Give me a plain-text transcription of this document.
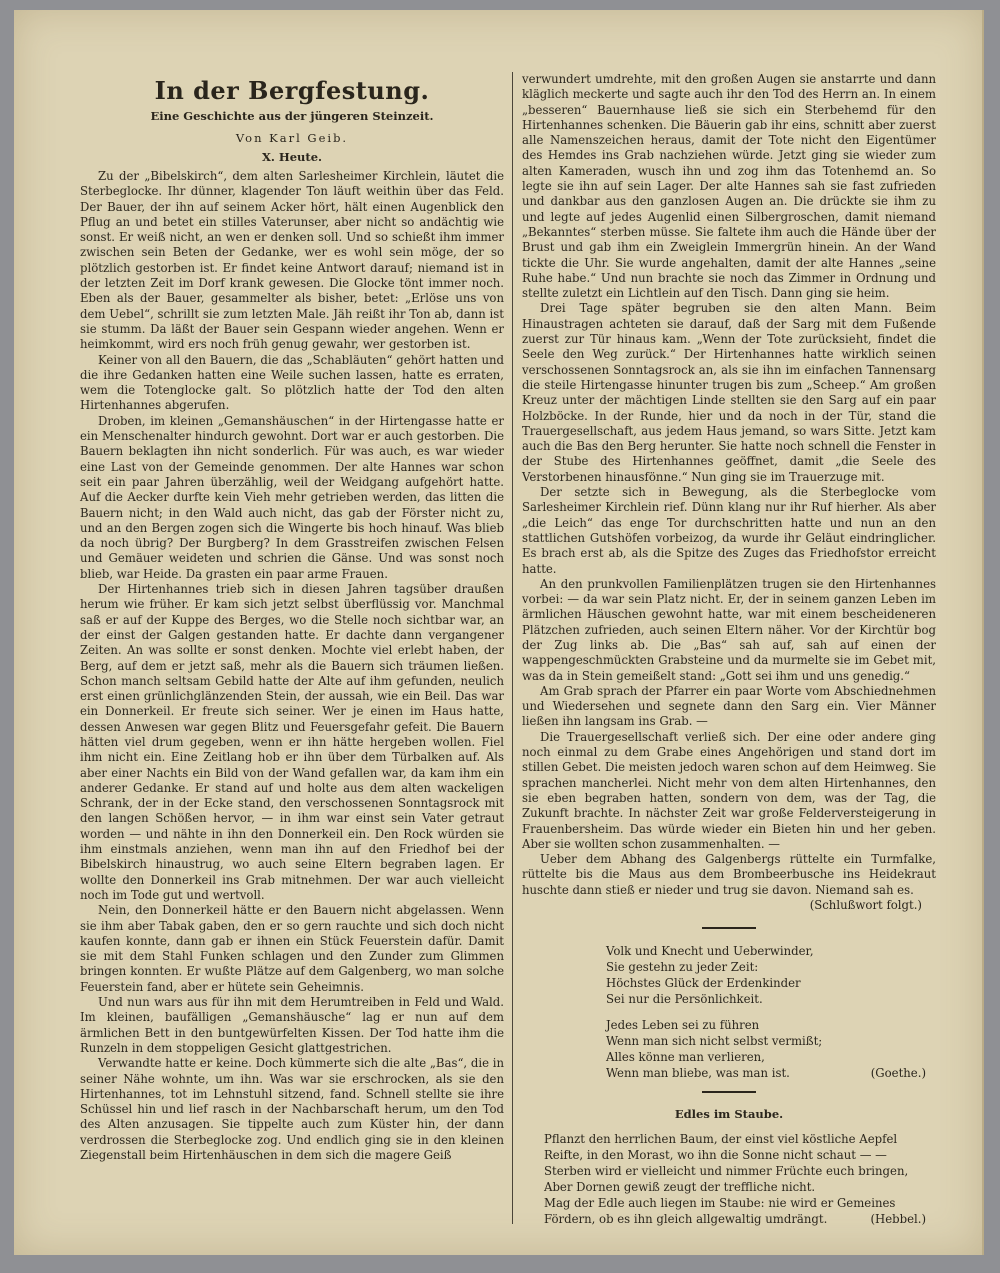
In der Bergfestung.
Eine Geschichte aus der jüngeren Steinzeit.
Von Karl Geib.
X. Heute.

Zu der „Bibelskirch“, dem alten Sarlesheimer Kirchlein, läutet die Sterbeglocke. Ihr dünner, klagender Ton läuft weithin über das Feld. Der Bauer, der ihn auf seinem Acker hört, hält einen Augenblick den Pflug an und betet ein stilles Vaterunser, aber nicht so andächtig wie sonst. Er weiß nicht, an wen er denken soll. Und so schießt ihm immer zwischen sein Beten der Gedanke, wer es wohl sein möge, der so plötzlich gestorben ist. Er findet keine Antwort darauf; niemand ist in der letzten Zeit im Dorf krank gewesen. Die Glocke tönt immer noch. Eben als der Bauer, gesammelter als bisher, betet: „Erlöse uns von dem Uebel“, schrillt sie zum letzten Male. Jäh reißt ihr Ton ab, dann ist sie stumm. Da läßt der Bauer sein Gespann wieder angehen. Wenn er heimkommt, wird ers noch früh genug gewahr, wer gestorben ist.

Keiner von all den Bauern, die das „Schabläuten“ gehört hatten und die ihre Gedanken hatten eine Weile suchen lassen, hatte es erraten, wem die Totenglocke galt. So plötzlich hatte der Tod den alten Hirtenhannes abgerufen.

Droben, im kleinen „Gemanshäuschen“ in der Hirtengasse hatte er ein Menschenalter hindurch gewohnt. Dort war er auch gestorben. Die Bauern beklagten ihn nicht sonderlich. Für was auch, es war wieder eine Last von der Gemeinde genommen. Der alte Hannes war schon seit ein paar Jahren überzählig, weil der Weidgang aufgehört hatte. Auf die Aecker durfte kein Vieh mehr getrieben werden, das litten die Bauern nicht; in den Wald auch nicht, das gab der Förster nicht zu, und an den Bergen zogen sich die Wingerte bis hoch hinauf. Was blieb da noch übrig? Der Burgberg? In dem Grasstreifen zwischen Felsen und Gemäuer weideten und schrien die Gänse. Und was sonst noch blieb, war Heide. Da grasten ein paar arme Frauen.

Der Hirtenhannes trieb sich in diesen Jahren tagsüber draußen herum wie früher. Er kam sich jetzt selbst überflüssig vor. Manchmal saß er auf der Kuppe des Berges, wo die Stelle noch sichtbar war, an der einst der Galgen gestanden hatte. Er dachte dann vergangener Zeiten. An was sollte er sonst denken. Mochte viel erlebt haben, der Berg, auf dem er jetzt saß, mehr als die Bauern sich träumen ließen. Schon manch seltsam Gebild hatte der Alte auf ihm gefunden, neulich erst einen grünlichglänzenden Stein, der aussah, wie ein Beil. Das war ein Donnerkeil. Er freute sich seiner. Wer je einen im Haus hatte, dessen Anwesen war gegen Blitz und Feuersgefahr gefeit. Die Bauern hätten viel drum gegeben, wenn er ihn hätte hergeben wollen. Fiel ihm nicht ein. Eine Zeitlang hob er ihn über dem Türbalken auf. Als aber einer Nachts ein Bild von der Wand gefallen war, da kam ihm ein anderer Gedanke. Er stand auf und holte aus dem alten wackeligen Schrank, der in der Ecke stand, den verschossenen Sonntagsrock mit den langen Schößen hervor, — in ihm war einst sein Vater getraut worden — und nähte in ihn den Donnerkeil ein. Den Rock würden sie ihm einstmals anziehen, wenn man ihn auf den Friedhof bei der Bibelskirch hinaustrug, wo auch seine Eltern begraben lagen. Er wollte den Donnerkeil ins Grab mitnehmen. Der war auch vielleicht noch im Tode gut und wertvoll.

Nein, den Donnerkeil hätte er den Bauern nicht abgelassen. Wenn sie ihm aber Tabak gaben, den er so gern rauchte und sich doch nicht kaufen konnte, dann gab er ihnen ein Stück Feuerstein dafür. Damit sie mit dem Stahl Funken schlagen und den Zunder zum Glimmen bringen konnten. Er wußte Plätze auf dem Galgenberg, wo man solche Feuerstein fand, aber er hütete sein Geheimnis.

Und nun wars aus für ihn mit dem Herumtreiben in Feld und Wald. Im kleinen, baufälligen „Gemanshäusche“ lag er nun auf dem ärmlichen Bett in den buntgewürfelten Kissen. Der Tod hatte ihm die Runzeln in dem stoppeligen Gesicht glattgestrichen.

Verwandte hatte er keine. Doch kümmerte sich die alte „Bas“, die in seiner Nähe wohnte, um ihn. Was war sie erschrocken, als sie den Hirtenhannes, tot im Lehnstuhl sitzend, fand. Schnell stellte sie ihre Schüssel hin und lief rasch in der Nachbarschaft herum, um den Tod des Alten anzusagen. Sie tippelte auch zum Küster hin, der dann verdrossen die Sterbeglocke zog. Und endlich ging sie in den kleinen Ziegenstall beim Hirtenhäuschen in dem sich die magere Geiß

verwundert umdrehte, mit den großen Augen sie anstarrte und dann kläglich meckerte und sagte auch ihr den Tod des Herrn an. In einem „besseren“ Bauernhause ließ sie sich ein Sterbehemd für den Hirtenhannes schenken. Die Bäuerin gab ihr eins, schnitt aber zuerst alle Namenszeichen heraus, damit der Tote nicht den Eigentümer des Hemdes ins Grab nachziehen würde. Jetzt ging sie wieder zum alten Kameraden, wusch ihn und zog ihm das Totenhemd an. So legte sie ihn auf sein Lager. Der alte Hannes sah sie fast zufrieden und dankbar aus den ganzlosen Augen an. Die drückte sie ihm zu und legte auf jedes Augenlid einen Silbergroschen, damit niemand „Bekanntes“ sterben müsse. Sie faltete ihm auch die Hände über der Brust und gab ihm ein Zweiglein Immergrün hinein. An der Wand tickte die Uhr. Sie wurde angehalten, damit der alte Hannes „seine Ruhe habe.“ Und nun brachte sie noch das Zimmer in Ordnung und stellte zuletzt ein Lichtlein auf den Tisch. Dann ging sie heim.

Drei Tage später begruben sie den alten Mann. Beim Hinaustragen achteten sie darauf, daß der Sarg mit dem Fußende zuerst zur Tür hinaus kam. „Wenn der Tote zurücksieht, findet die Seele den Weg zurück.“ Der Hirtenhannes hatte wirklich seinen verschossenen Sonntagsrock an, als sie ihn im einfachen Tannensarg die steile Hirtengasse hinunter trugen bis zum „Scheep.“ Am großen Kreuz unter der mächtigen Linde stellten sie den Sarg auf ein paar Holzböcke. In der Runde, hier und da noch in der Tür, stand die Trauergesellschaft, aus jedem Haus jemand, so wars Sitte. Jetzt kam auch die Bas den Berg herunter. Sie hatte noch schnell die Fenster in der Stube des Hirtenhannes geöffnet, damit „die Seele des Verstorbenen hinausfönne.“ Nun ging sie im Trauerzuge mit.

Der setzte sich in Bewegung, als die Sterbeglocke vom Sarlesheimer Kirchlein rief. Dünn klang nur ihr Ruf hierher. Als aber „die Leich“ das enge Tor durchschritten hatte und nun an den stattlichen Gutshöfen vorbeizog, da wurde ihr Geläut eindringlicher. Es brach erst ab, als die Spitze des Zuges das Friedhofstor erreicht hatte.

An den prunkvollen Familienplätzen trugen sie den Hirtenhannes vorbei: — da war sein Platz nicht. Er, der in seinem ganzen Leben im ärmlichen Häuschen gewohnt hatte, war mit einem bescheideneren Plätzchen zufrieden, auch seinen Eltern näher. Vor der Kirchtür bog der Zug links ab. Die „Bas“ sah auf, sah auf einen der wappengeschmückten Grabsteine und da murmelte sie im Gebet mit, was da in Stein gemeißelt stand: „Gott sei ihm und uns genedig.“

Am Grab sprach der Pfarrer ein paar Worte vom Abschiednehmen und Wiedersehen und segnete dann den Sarg ein. Vier Männer ließen ihn langsam ins Grab. —

Die Trauergesellschaft verließ sich. Der eine oder andere ging noch einmal zu dem Grabe eines Angehörigen und stand dort im stillen Gebet. Die meisten jedoch waren schon auf dem Heimweg. Sie sprachen mancherlei. Nicht mehr von dem alten Hirtenhannes, den sie eben begraben hatten, sondern von dem, was der Tag, die Zukunft brachte. In nächster Zeit war große Felderversteigerung in Frauenbersheim. Das würde wieder ein Bieten hin und her geben. Aber sie wollten schon zusammenhalten. —

Ueber dem Abhang des Galgenbergs rüttelte ein Turmfalke, rüttelte bis die Maus aus dem Brombeerbusche ins Heidekraut huschte dann stieß er nieder und trug sie davon. Niemand sah es.

(Schlußwort folgt.)
Volk und Knecht und Ueberwinder,
Sie gestehn zu jeder Zeit:
Höchstes Glück der Erdenkinder
Sei nur die Persönlichkeit.
Jedes Leben sei zu führen
Wenn man sich nicht selbst vermißt;
Alles könne man verlieren,
Wenn man bliebe, was man ist.	(Goethe.)
Edles im Staube.
Pflanzt den herrlichen Baum, der einst viel köstliche Aepfel
Reifte, in den Morast, wo ihn die Sonne nicht schaut — —
Sterben wird er vielleicht und nimmer Früchte euch bringen,
Aber Dornen gewiß zeugt der treffliche nicht.
Mag der Edle auch liegen im Staube: nie wird er Gemeines
Fördern, ob es ihn gleich allgewaltig umdrängt.	(Hebbel.)
